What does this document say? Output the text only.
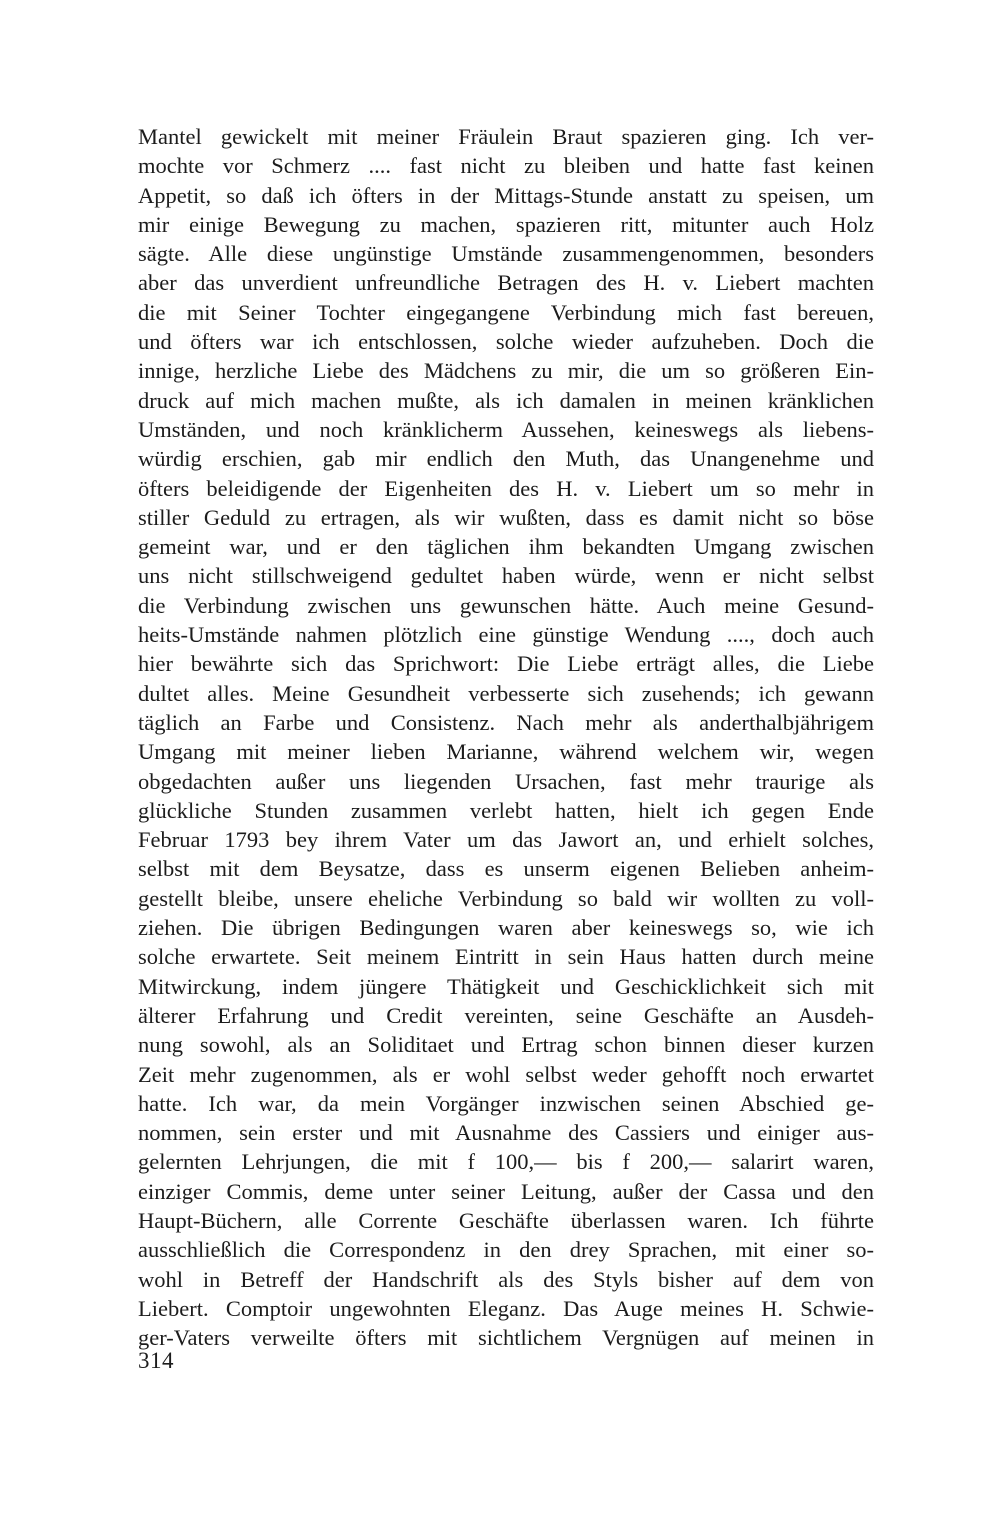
Mantel gewickelt mit meiner Fräulein Braut spazieren ging. Ich ver-
mochte vor Schmerz .... fast nicht zu bleiben und hatte fast keinen
Appetit, so daß ich öfters in der Mittags-Stunde anstatt zu speisen, um
mir einige Bewegung zu machen, spazieren ritt, mitunter auch Holz
sägte. Alle diese ungünstige Umstände zusammengenommen, besonders
aber das unverdient unfreundliche Betragen des H. v. Liebert machten
die mit Seiner Tochter eingegangene Verbindung mich fast bereuen,
und öfters war ich entschlossen, solche wieder aufzuheben. Doch die
innige, herzliche Liebe des Mädchens zu mir, die um so größeren Ein-
druck auf mich machen mußte, als ich damalen in meinen kränklichen
Umständen, und noch kränklicherm Aussehen, keineswegs als liebens-
würdig erschien, gab mir endlich den Muth, das Unangenehme und
öfters beleidigende der Eigenheiten des H. v. Liebert um so mehr in
stiller Geduld zu ertragen, als wir wußten, dass es damit nicht so böse
gemeint war, und er den täglichen ihm bekandten Umgang zwischen
uns nicht stillschweigend gedultet haben würde, wenn er nicht selbst
die Verbindung zwischen uns gewunschen hätte. Auch meine Gesund-
heits-Umstände nahmen plötzlich eine günstige Wendung ...., doch auch
hier bewährte sich das Sprichwort: Die Liebe erträgt alles, die Liebe
dultet alles. Meine Gesundheit verbesserte sich zusehends; ich gewann
täglich an Farbe und Consistenz. Nach mehr als anderthalbjährigem
Umgang mit meiner lieben Marianne, während welchem wir, wegen
obgedachten außer uns liegenden Ursachen, fast mehr traurige als
glückliche Stunden zusammen verlebt hatten, hielt ich gegen Ende
Februar 1793 bey ihrem Vater um das Jawort an, und erhielt solches,
selbst mit dem Beysatze, dass es unserm eigenen Belieben anheim-
gestellt bleibe, unsere eheliche Verbindung so bald wir wollten zu voll-
ziehen. Die übrigen Bedingungen waren aber keineswegs so, wie ich
solche erwartete. Seit meinem Eintritt in sein Haus hatten durch meine
Mitwirckung, indem jüngere Thätigkeit und Geschicklichkeit sich mit
älterer Erfahrung und Credit vereinten, seine Geschäfte an Ausdeh-
nung sowohl, als an Soliditaet und Ertrag schon binnen dieser kurzen
Zeit mehr zugenommen, als er wohl selbst weder gehofft noch erwartet
hatte. Ich war, da mein Vorgänger inzwischen seinen Abschied ge-
nommen, sein erster und mit Ausnahme des Cassiers und einiger aus-
gelernten Lehrjungen, die mit f 100,— bis f 200,— salarirt waren,
einziger Commis, deme unter seiner Leitung, außer der Cassa und den
Haupt-Büchern, alle Corrente Geschäfte überlassen waren. Ich führte
ausschließlich die Correspondenz in den drey Sprachen, mit einer so-
wohl in Betreff der Handschrift als des Styls bisher auf dem von
Liebert. Comptoir ungewohnten Eleganz. Das Auge meines H. Schwie-
ger-Vaters verweilte öfters mit sichtlichem Vergnügen auf meinen in
314
